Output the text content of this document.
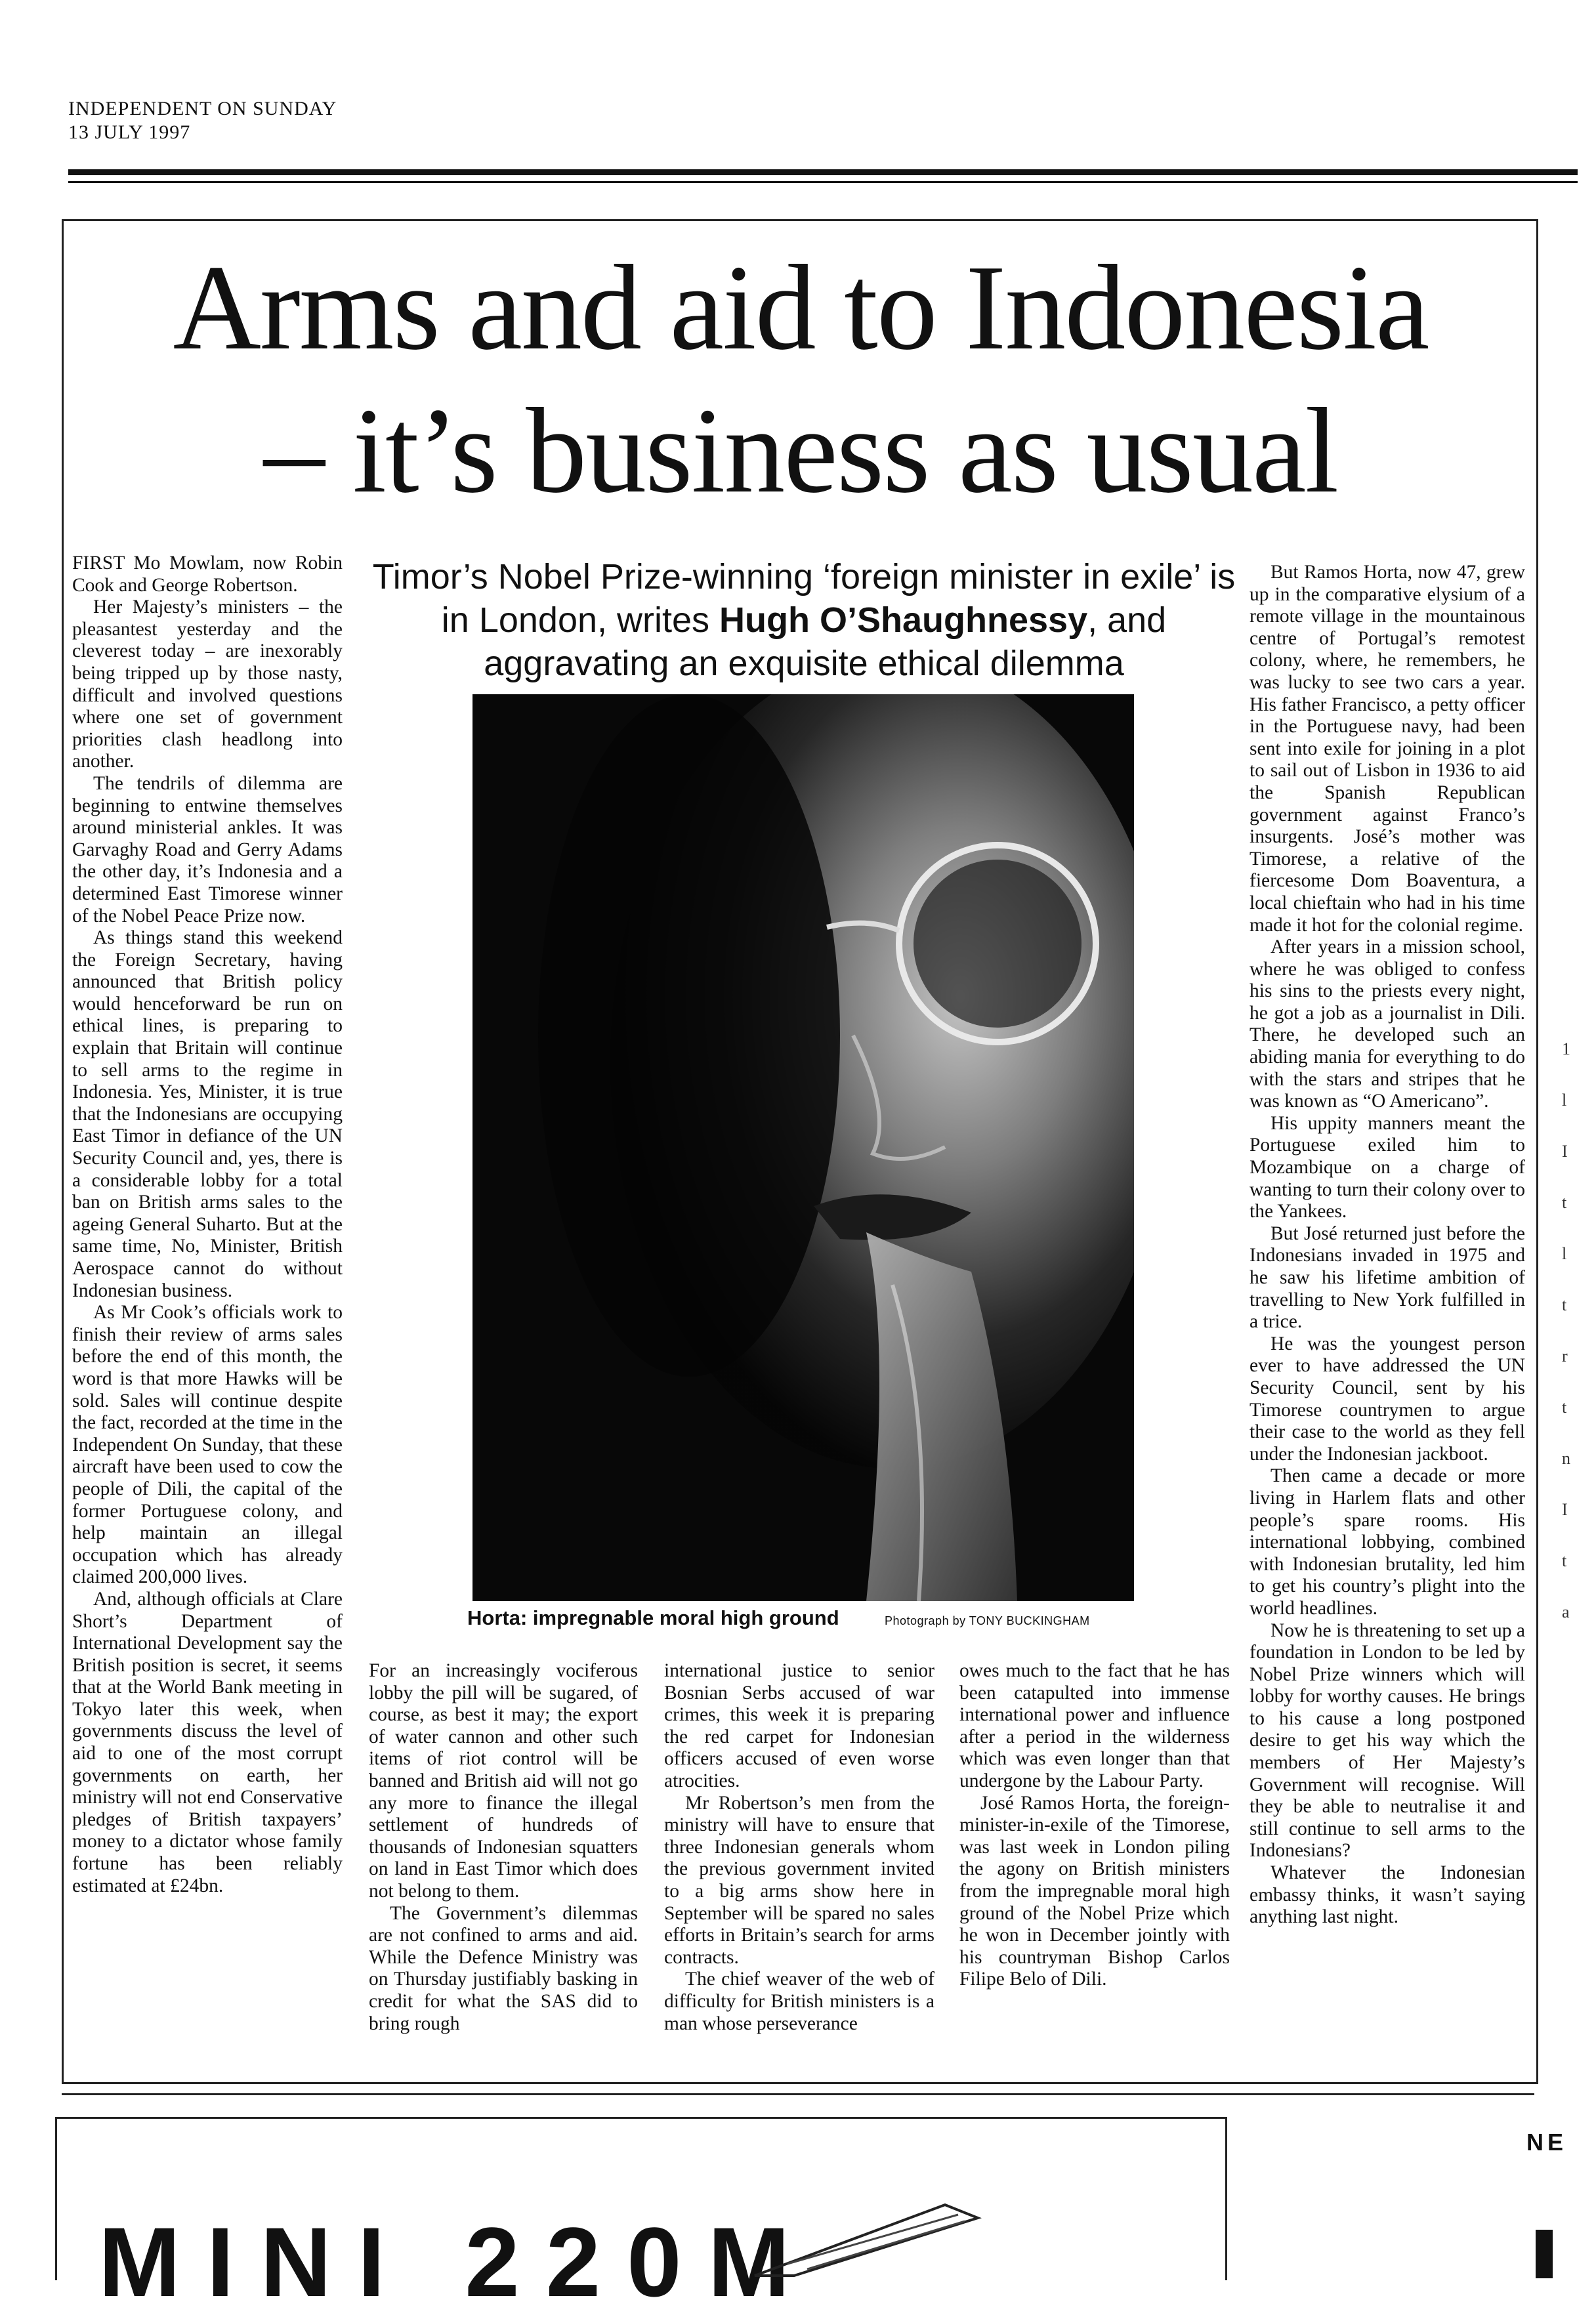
INDEPENDENT ON SUNDAY
13 JULY 1997
Arms and aid to Indonesia
– it’s business as usual
Timor’s Nobel Prize-winning ‘foreign minister in exile’ is in London, writes Hugh O’Shaughnessy, and aggravating an exquisite ethical dilemma

FIRST Mo Mowlam, now Robin Cook and George Robertson.

Her Majesty’s ministers – the pleasantest yesterday and the cleverest today – are inexorably being tripped up by those nasty, difficult and involved questions where one set of government priorities clash headlong into another.

The tendrils of dilemma are beginning to entwine themselves around ministerial ankles. It was Garvaghy Road and Gerry Adams the other day, it’s Indonesia and a determined East Timorese winner of the Nobel Peace Prize now.

As things stand this weekend the Foreign Secretary, having announced that British policy would henceforward be run on ethical lines, is preparing to explain that Britain will continue to sell arms to the regime in Indonesia. Yes, Minister, it is true that the Indonesians are occupying East Timor in defiance of the UN Security Council and, yes, there is a considerable lobby for a total ban on British arms sales to the ageing General Suharto. But at the same time, No, Minister, British Aerospace cannot do without Indonesian business.

As Mr Cook’s officials work to finish their review of arms sales before the end of this month, the word is that more Hawks will be sold. Sales will continue despite the fact, recorded at the time in the Independent On Sunday, that these aircraft have been used to cow the people of Dili, the capital of the former Portuguese colony, and help maintain an illegal occupation which has already claimed 200,000 lives.

And, although officials at Clare Short’s Department of International Development say the British position is secret, it seems that at the World Bank meeting in Tokyo later this week, when governments discuss the level of aid to one of the most corrupt governments on earth, her ministry will not end Conservative pledges of British taxpayers’ money to a dictator whose family fortune has been reliably estimated at £24bn.

Horta: impregnable moral high ground	Photograph by TONY BUCKINGHAM

For an increasingly vociferous lobby the pill will be sugared, of course, as best it may; the export of water cannon and other such items of riot control will be banned and British aid will not go any more to finance the illegal settlement of hundreds of thousands of Indonesian squatters on land in East Timor which does not belong to them.

The Government’s dilemmas are not confined to arms and aid. While the Defence Ministry was on Thursday justifiably basking in credit for what the SAS did to bring rough

international justice to senior Bosnian Serbs accused of war crimes, this week it is preparing the red carpet for Indonesian officers accused of even worse atrocities.

Mr Robertson’s men from the ministry will have to ensure that three Indonesian generals whom the previous government invited to a big arms show here in September will be spared no sales efforts in Britain’s search for arms contracts.

The chief weaver of the web of difficulty for British ministers is a man whose perseverance

owes much to the fact that he has been catapulted into immense international power and influence after a period in the wilderness which was even longer than that undergone by the Labour Party.

José Ramos Horta, the foreign-minister-in-exile of the Timorese, was last week in London piling the agony on British ministers from the impregnable moral high ground of the Nobel Prize which he won in December jointly with his countryman Bishop Carlos Filipe Belo of Dili.

But Ramos Horta, now 47, grew up in the comparative elysium of a remote village in the mountainous centre of Portugal’s remotest colony, where, he remembers, he was lucky to see two cars a year. His father Francisco, a petty officer in the Portuguese navy, had been sent into exile for joining in a plot to sail out of Lisbon in 1936 to aid the Spanish Republican government against Franco’s insurgents. José’s mother was Timorese, a relative of the fiercesome Dom Boaventura, a local chieftain who had in his time made it hot for the colonial regime.

After years in a mission school, where he was obliged to confess his sins to the priests every night, he got a job as a journalist in Dili. There, he developed such an abiding mania for everything to do with the stars and stripes that he was known as “O Americano”.

His uppity manners meant the Portuguese exiled him to Mozambique on a charge of wanting to turn their colony over to the Yankees.

But José returned just before the Indonesians invaded in 1975 and he saw his lifetime ambition of travelling to New York fulfilled in a trice.

He was the youngest person ever to have addressed the UN Security Council, sent by his Timorese countrymen to argue their case to the world as they fell under the Indonesian jackboot.

Then came a decade or more living in Harlem flats and other people’s spare rooms. His international lobbying, combined with Indonesian brutality, led him to get his country’s plight into the world headlines.

Now he is threatening to set up a foundation in London to be led by Nobel Prize winners which will lobby for worthy causes. He brings to his cause a long postponed desire to get his way which the members of Her Majesty’s Government will recognise. Will they be able to neutralise it and still continue to sell arms to the Indonesians?

Whatever the Indonesian embassy thinks, it wasn’t saying anything last night.

1
l
I
t
l
t
r
t
n
I
t
a
MINI 220M
NE
